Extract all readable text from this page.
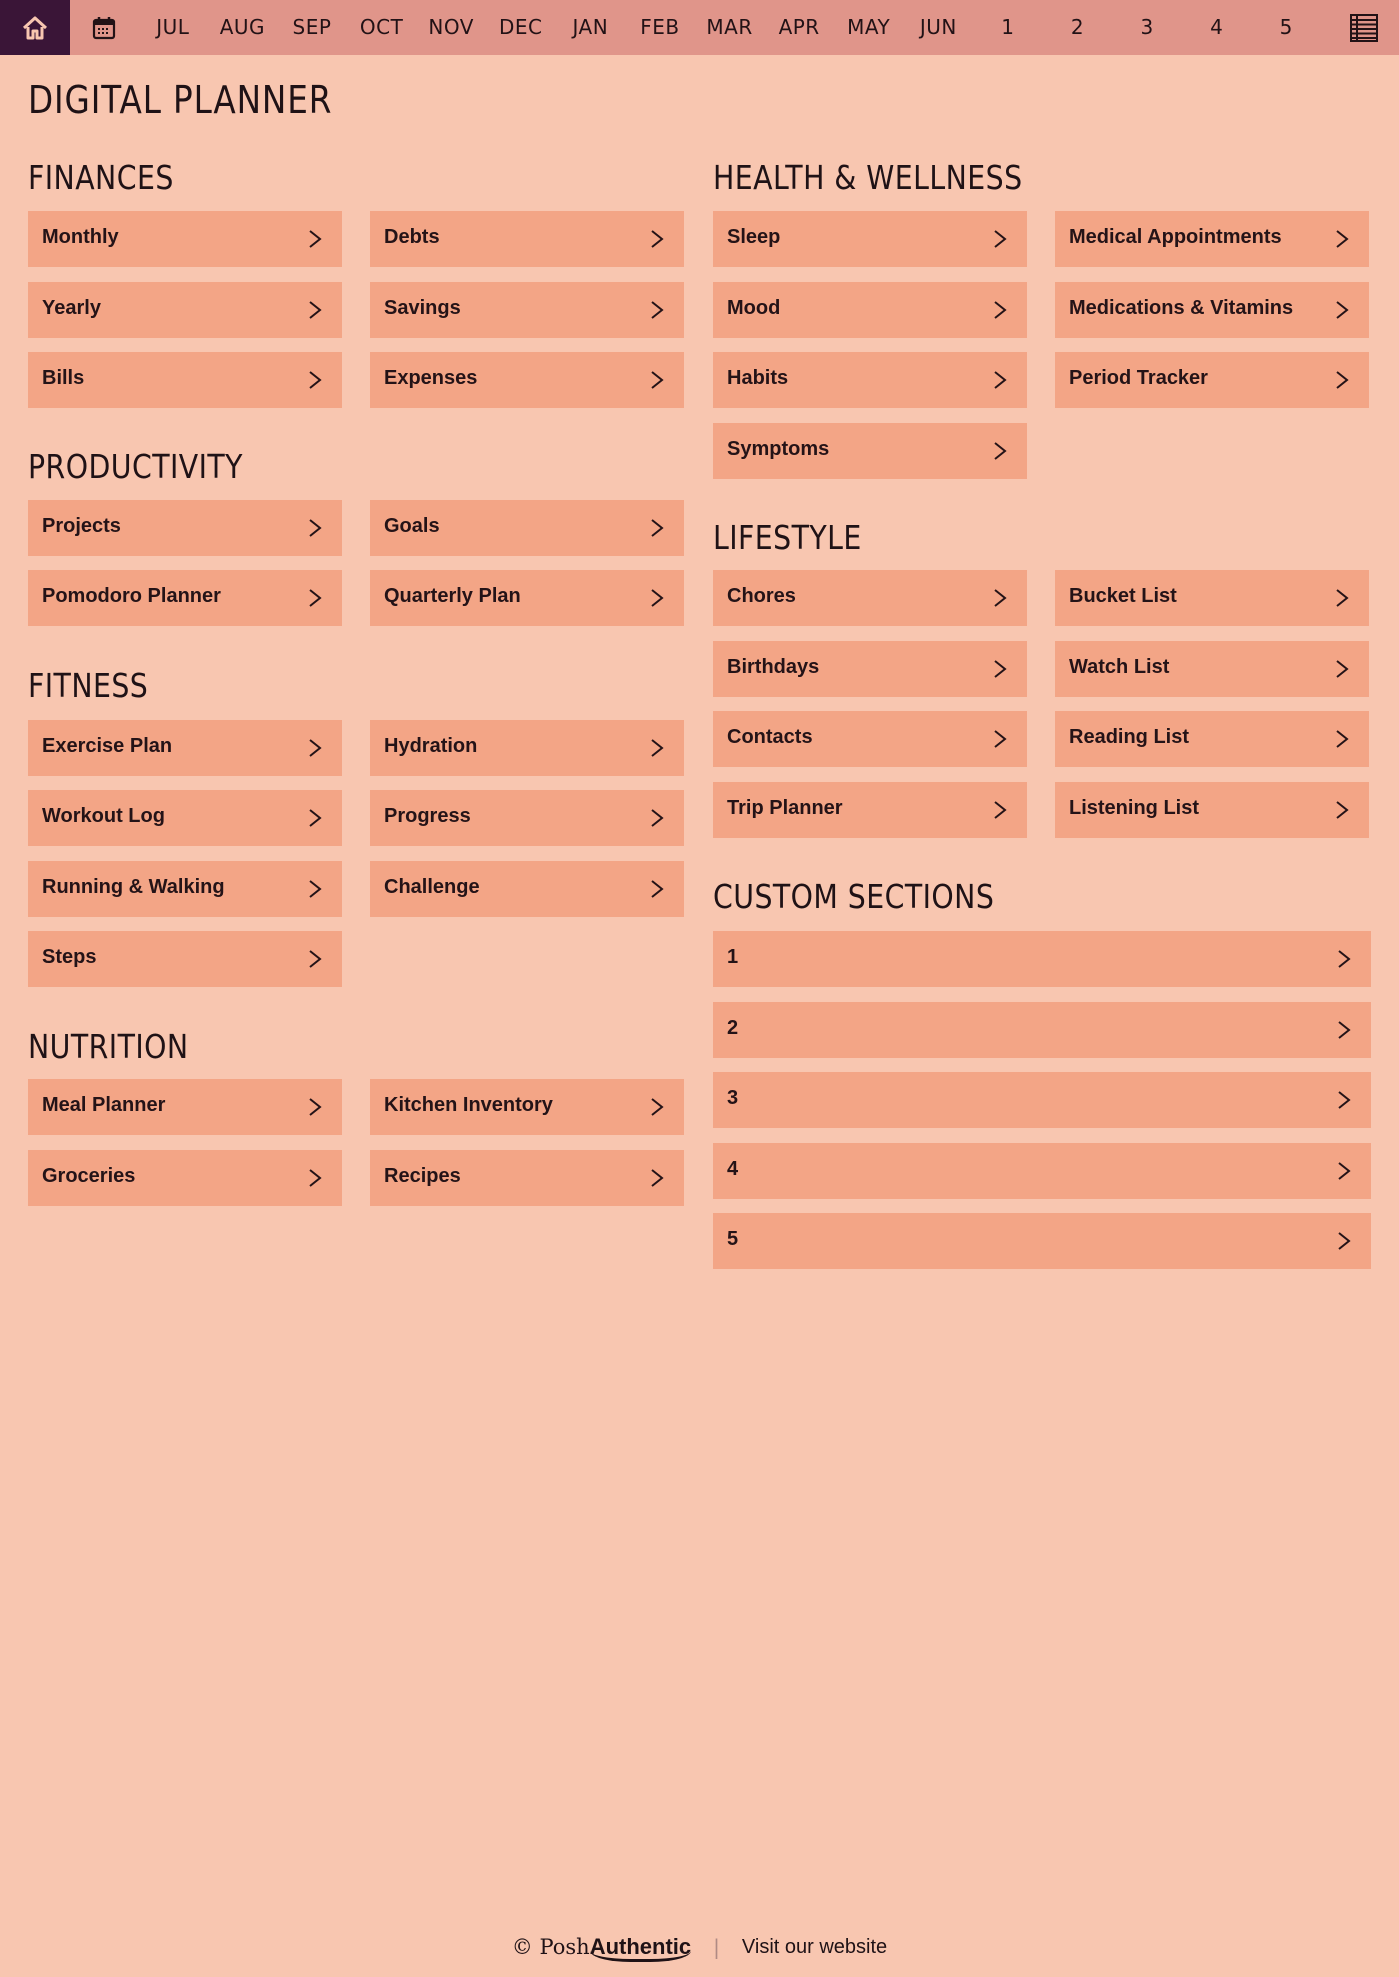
JUL	AUG	SEP	OCT	NOV	DEC	JAN	FEB	MAR	APR	MAY	JUN	1	2	3	4	5
DIGITAL PLANNER
FINANCES
Monthly	Debts
Yearly	Savings
Bills	Expenses
PRODUCTIVITY
Projects	Goals
Pomodoro Planner	Quarterly Plan
FITNESS
Exercise Plan	Hydration
Workout Log	Progress
Running & Walking	Challenge
Steps
NUTRITION
Meal Planner	Kitchen Inventory
Groceries	Recipes
HEALTH & WELLNESS
Sleep	Medical Appointments
Mood	Medications & Vitamins
Habits	Period Tracker
Symptoms
LIFESTYLE
Chores	Bucket List
Birthdays	Watch List
Contacts	Reading List
Trip Planner	Listening List
CUSTOM SECTIONS
1
2
3
4
5
© PoshAuthentic | Visit our website
